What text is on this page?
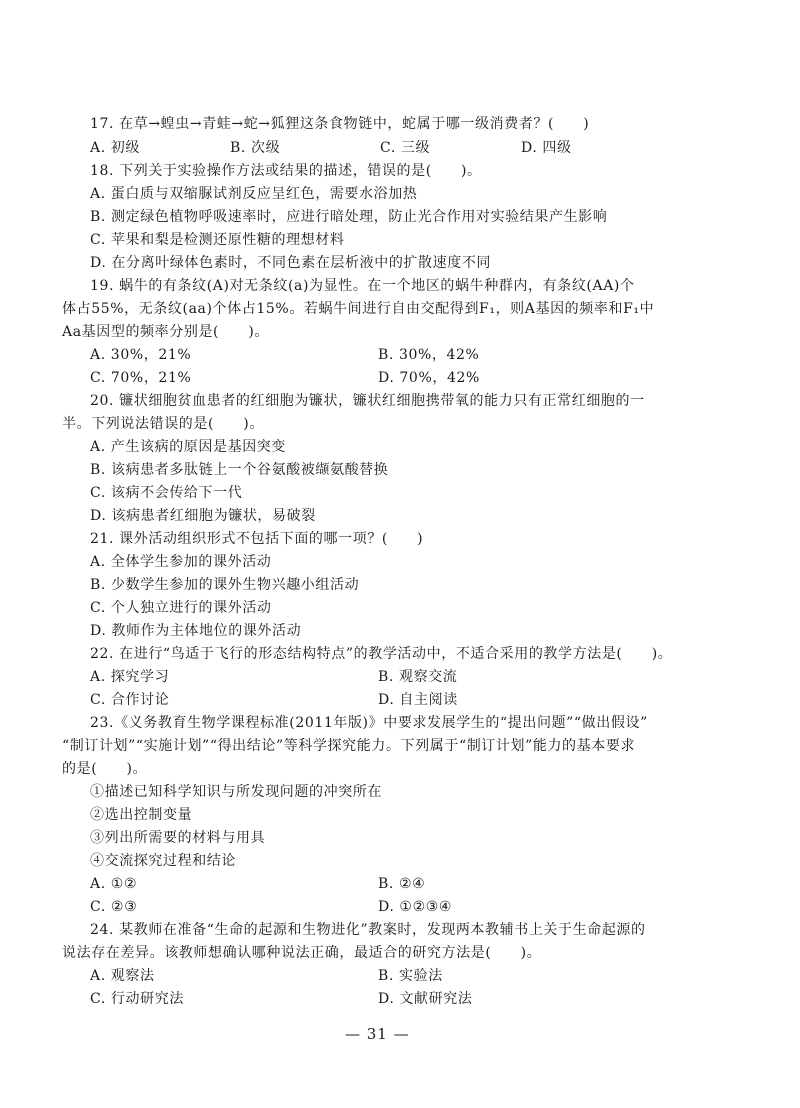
17. 在草→蝗虫→青蛙→蛇→狐狸这条食物链中，蛇属于哪一级消费者？(　　)
A. 初级	B. 次级	C. 三级	D. 四级
18. 下列关于实验操作方法或结果的描述，错误的是(　　)。
A. 蛋白质与双缩脲试剂反应呈红色，需要水浴加热
B. 测定绿色植物呼吸速率时，应进行暗处理，防止光合作用对实验结果产生影响
C. 苹果和梨是检测还原性糖的理想材料
D. 在分离叶绿体色素时，不同色素在层析液中的扩散速度不同
19. 蜗牛的有条纹(A)对无条纹(a)为显性。在一个地区的蜗牛种群内，有条纹(AA)个
体占55%，无条纹(aa)个体占15%。若蜗牛间进行自由交配得到F₁，则A基因的频率和F₁中
Aa基因型的频率分别是(　　)。
A. 30%，21%	B. 30%，42%
C. 70%，21%	D. 70%，42%
20. 镰状细胞贫血患者的红细胞为镰状，镰状红细胞携带氧的能力只有正常红细胞的一
半。下列说法错误的是(　　)。
A. 产生该病的原因是基因突变
B. 该病患者多肽链上一个谷氨酸被缬氨酸替换
C. 该病不会传给下一代
D. 该病患者红细胞为镰状，易破裂
21. 课外活动组织形式不包括下面的哪一项？(　　)
A. 全体学生参加的课外活动
B. 少数学生参加的课外生物兴趣小组活动
C. 个人独立进行的课外活动
D. 教师作为主体地位的课外活动
22. 在进行“鸟适于飞行的形态结构特点”的教学活动中，不适合采用的教学方法是(　　)。
A. 探究学习	B. 观察交流
C. 合作讨论	D. 自主阅读
23.《义务教育生物学课程标准(2011年版)》中要求发展学生的“提出问题”“做出假设”
“制订计划”“实施计划”“得出结论”等科学探究能力。下列属于“制订计划”能力的基本要求
的是(　　)。
①描述已知科学知识与所发现问题的冲突所在
②选出控制变量
③列出所需要的材料与用具
④交流探究过程和结论
A. ①②	B. ②④
C. ②③	D. ①②③④
24. 某教师在准备“生命的起源和生物进化”教案时，发现两本教辅书上关于生命起源的
说法存在差异。该教师想确认哪种说法正确，最适合的研究方法是(　　)。
A. 观察法	B. 实验法
C. 行动研究法	D. 文献研究法
— 31 —
